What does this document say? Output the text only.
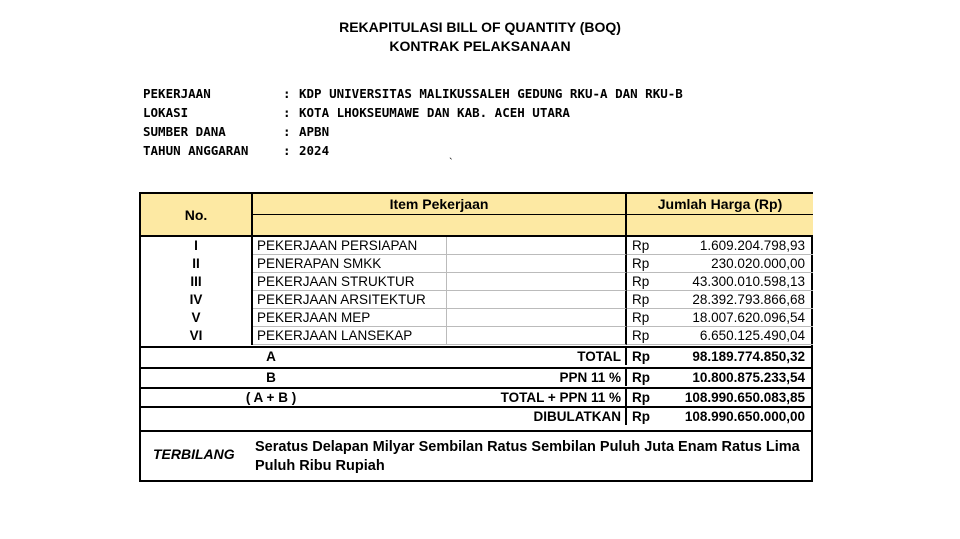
REKAPITULASI BILL OF QUANTITY (BOQ)
KONTRAK PELAKSANAAN
PEKERJAAN	: KDP UNIVERSITAS MALIKUSSALEH GEDUNG RKU-A DAN RKU-B
LOKASI	: KOTA LHOKSEUMAWE DAN KAB. ACEH UTARA
SUMBER DANA	: APBN
TAHUN ANGGARAN	: 2024
`
No.
Item Pekerjaan	Jumlah Harga (Rp)
I	PEKERJAAN PERSIAPAN	Rp	1.609.204.798,93
II	PENERAPAN SMKK	Rp	230.020.000,00
III	PEKERJAAN STRUKTUR	Rp	43.300.010.598,13
IV	PEKERJAAN ARSITEKTUR	Rp	28.392.793.866,68
V	PEKERJAAN MEP	Rp	18.007.620.096,54
VI	PEKERJAAN LANSEKAP	Rp	6.650.125.490,04
A	TOTAL Rp	98.189.774.850,32
B	PPN 11 % Rp	10.800.875.233,54
( A + B )	TOTAL + PPN 11 % Rp	108.990.650.083,85
DIBULATKAN Rp	108.990.650.000,00
TERBILANG Seratus Delapan Milyar Sembilan Ratus Sembilan Puluh Juta Enam Ratus Lima Puluh Ribu Rupiah
